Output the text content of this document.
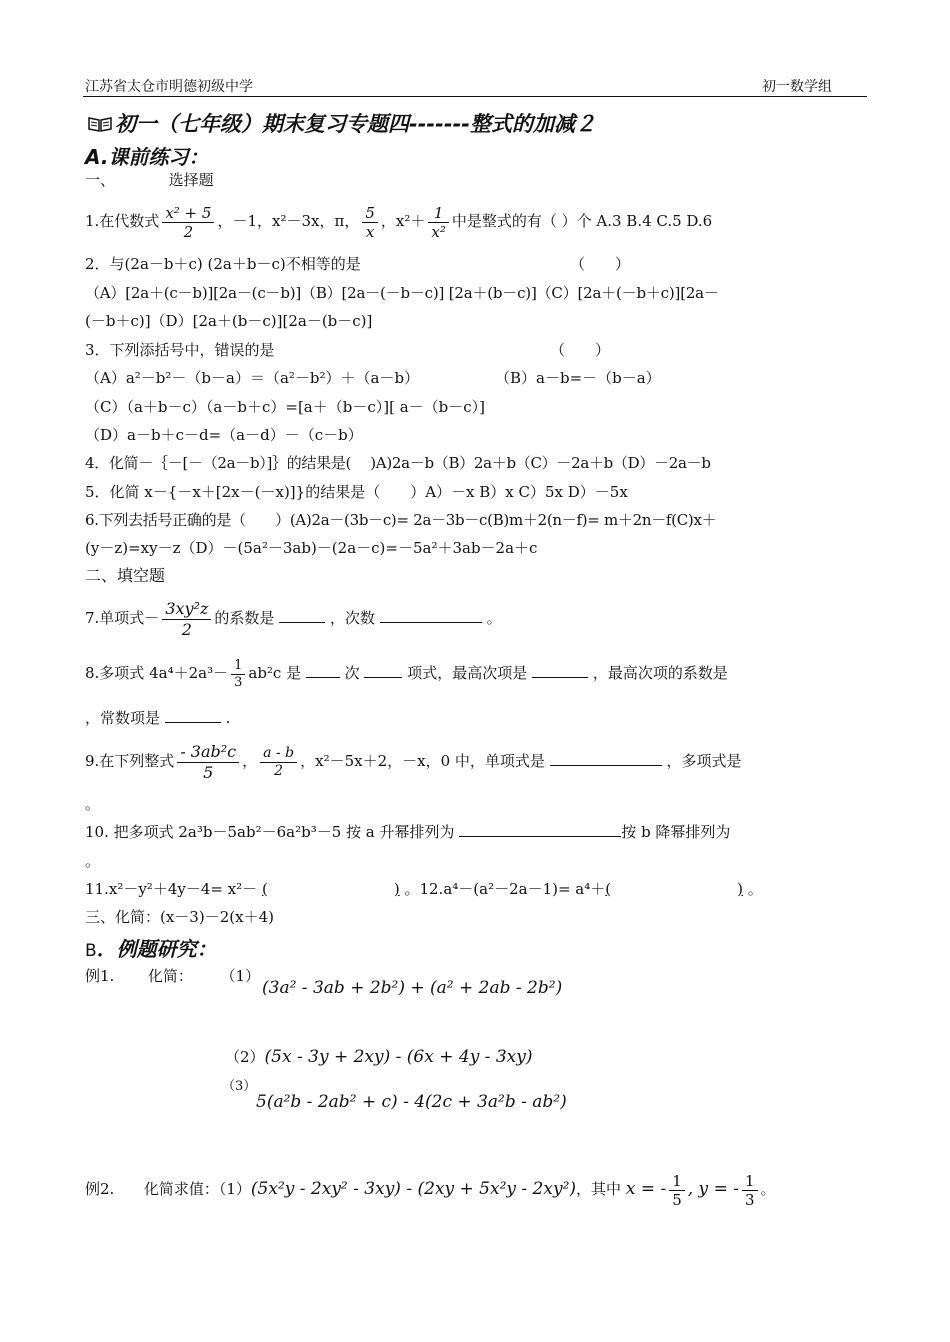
江苏省太仓市明德初级中学	初一数学组
初一（七年级）期末复习专题四-------整式的加减２
A.课前练习：
一、	选择题
1.在代数式 $\frac{\text{x² + 5}}{2}$ ，－1，x²－3x，π， $\frac{5}{x}$ ，$x^2+ \frac{1}{\text{x²}}$ 中是整式的有（ ）个 A.3 B.4 C.5 D.6
2．与(2a－b＋c) (2a＋b－c)不相等的是	（　　）
（A）[2a＋(c－b)][2a－(c－b)]（B）[2a－(－b－c)] [2a＋(b－c)]（C）[2a＋(－b＋c)][2a－
(－b＋c)]（D）[2a＋(b－c)][2a－(b－c)]
3．下列添括号中，错误的是	（　　）
（A）a²－b²－（b－a）＝（a²－b²）＋（a－b）	（B）a－b=－（b－a）
（C）（a＋b－c）（a－b＋c）=[a＋（b－c）][ a－（b－c）]
（D）a－b＋c－d=（a－d）－（c－b）
4．化简－｛－[－（2a－b）]｝的结果是(　 )A)2a－b（B）2a＋b（C）－2a＋b（D）－2a－b
5．化简 x－{－x＋[2x－(－x)]}的结果是（　　）A）－x B）x C）5x D）－5x
6.下列去括号正确的是（　　）(A)2a－(3b－c)= 2a－3b－c(B)m＋2(n－f)= m＋2n－f(C)x＋
(y－z)=xy－z（D）－(5a²－3ab)－(2a－c)=－5a²＋3ab－2a＋c
二、填空题
7.单项式－ $\frac{\text{3xy²z}}{2}$ 的系数是	，次数	。
8.多项式 $4a^4+2a^3- \frac{1}{3} ab^2c$ 是	次	项式，最高次项是	，最高次项的系数是
，常数项是	.
9.在下列整式 $\frac{\text{- 3ab²c}}{5}$ ， $\frac{a - b}{2}$ ，x²－5x＋2，－x，0 中，单项式是	，多项式是
。
10. 把多项式 2a³b－5ab²－6a²b³－5 按 a 升幂排列为	按 b 降幂排列为
。
11.x²－y²＋4y－4= x²－ (	) 。12.a⁴－(a²－2a－1)= a⁴＋(	) 。
三、化简：(x－3)－2(x＋4)
B．例题研究：
例1. 化简： （1）
(3a² - 3ab + 2b²) + (a² + 2ab - 2b²)
（2）(5x - 3y + 2xy) - (6x + 4y - 3xy)
（3）
5(a²b - 2ab² + c) - 4(2c + 3a²b - ab²)
例2. 化简求值：（1）(5x²y - 2xy² - 3xy) - (2xy + 5x²y - 2xy²)，其中 x = - $\frac{1}{5}$ , y = - $\frac{1}{3}$ 。
